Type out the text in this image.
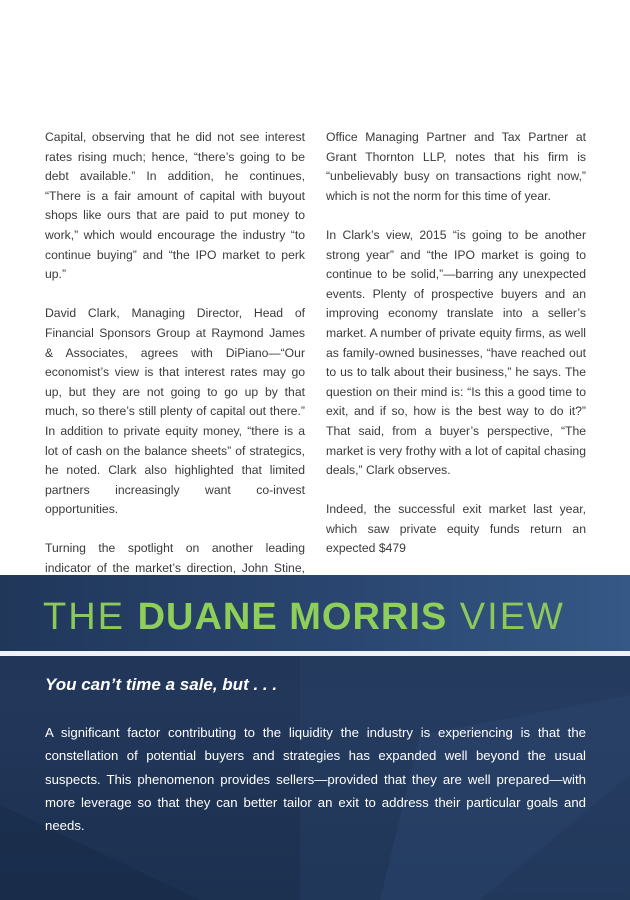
Capital, observing that he did not see interest rates rising much; hence, “there’s going to be debt available.” In addition, he continues, “There is a fair amount of capital with buyout shops like ours that are paid to put money to work,” which would encourage the industry “to continue buying” and “the IPO market to perk up.”

David Clark, Managing Director, Head of Financial Sponsors Group at Raymond James & Associates, agrees with DiPiano—“Our economist’s view is that interest rates may go up, but they are not going to go up by that much, so there’s still plenty of capital out there.” In addition to private equity money, “there is a lot of cash on the balance sheets” of strategics, he noted. Clark also highlighted that limited partners increasingly want co-invest opportunities.

Turning the spotlight on another leading indicator of the market’s direction, John Stine,

Office Managing Partner and Tax Partner at Grant Thornton LLP, notes that his firm is “unbelievably busy on transactions right now,” which is not the norm for this time of year.

In Clark’s view, 2015 “is going to be another strong year” and “the IPO market is going to continue to be solid,”—barring any unexpected events. Plenty of prospective buyers and an improving economy translate into a seller’s market. A number of private equity firms, as well as family-owned businesses, “have reached out to us to talk about their business,” he says. The question on their mind is: “Is this a good time to exit, and if so, how is the best way to do it?” That said, from a buyer’s perspective, “The market is very frothy with a lot of capital chasing deals,” Clark observes.

Indeed, the successful exit market last year, which saw private equity funds return an expected $479

THE DUANE MORRIS VIEW
You can’t time a sale, but . . .

A significant factor contributing to the liquidity the industry is experiencing is that the constellation of potential buyers and strategies has expanded well beyond the usual suspects. This phenomenon provides sellers—provided that they are well prepared—with more leverage so that they can better tailor an exit to address their particular goals and needs.
